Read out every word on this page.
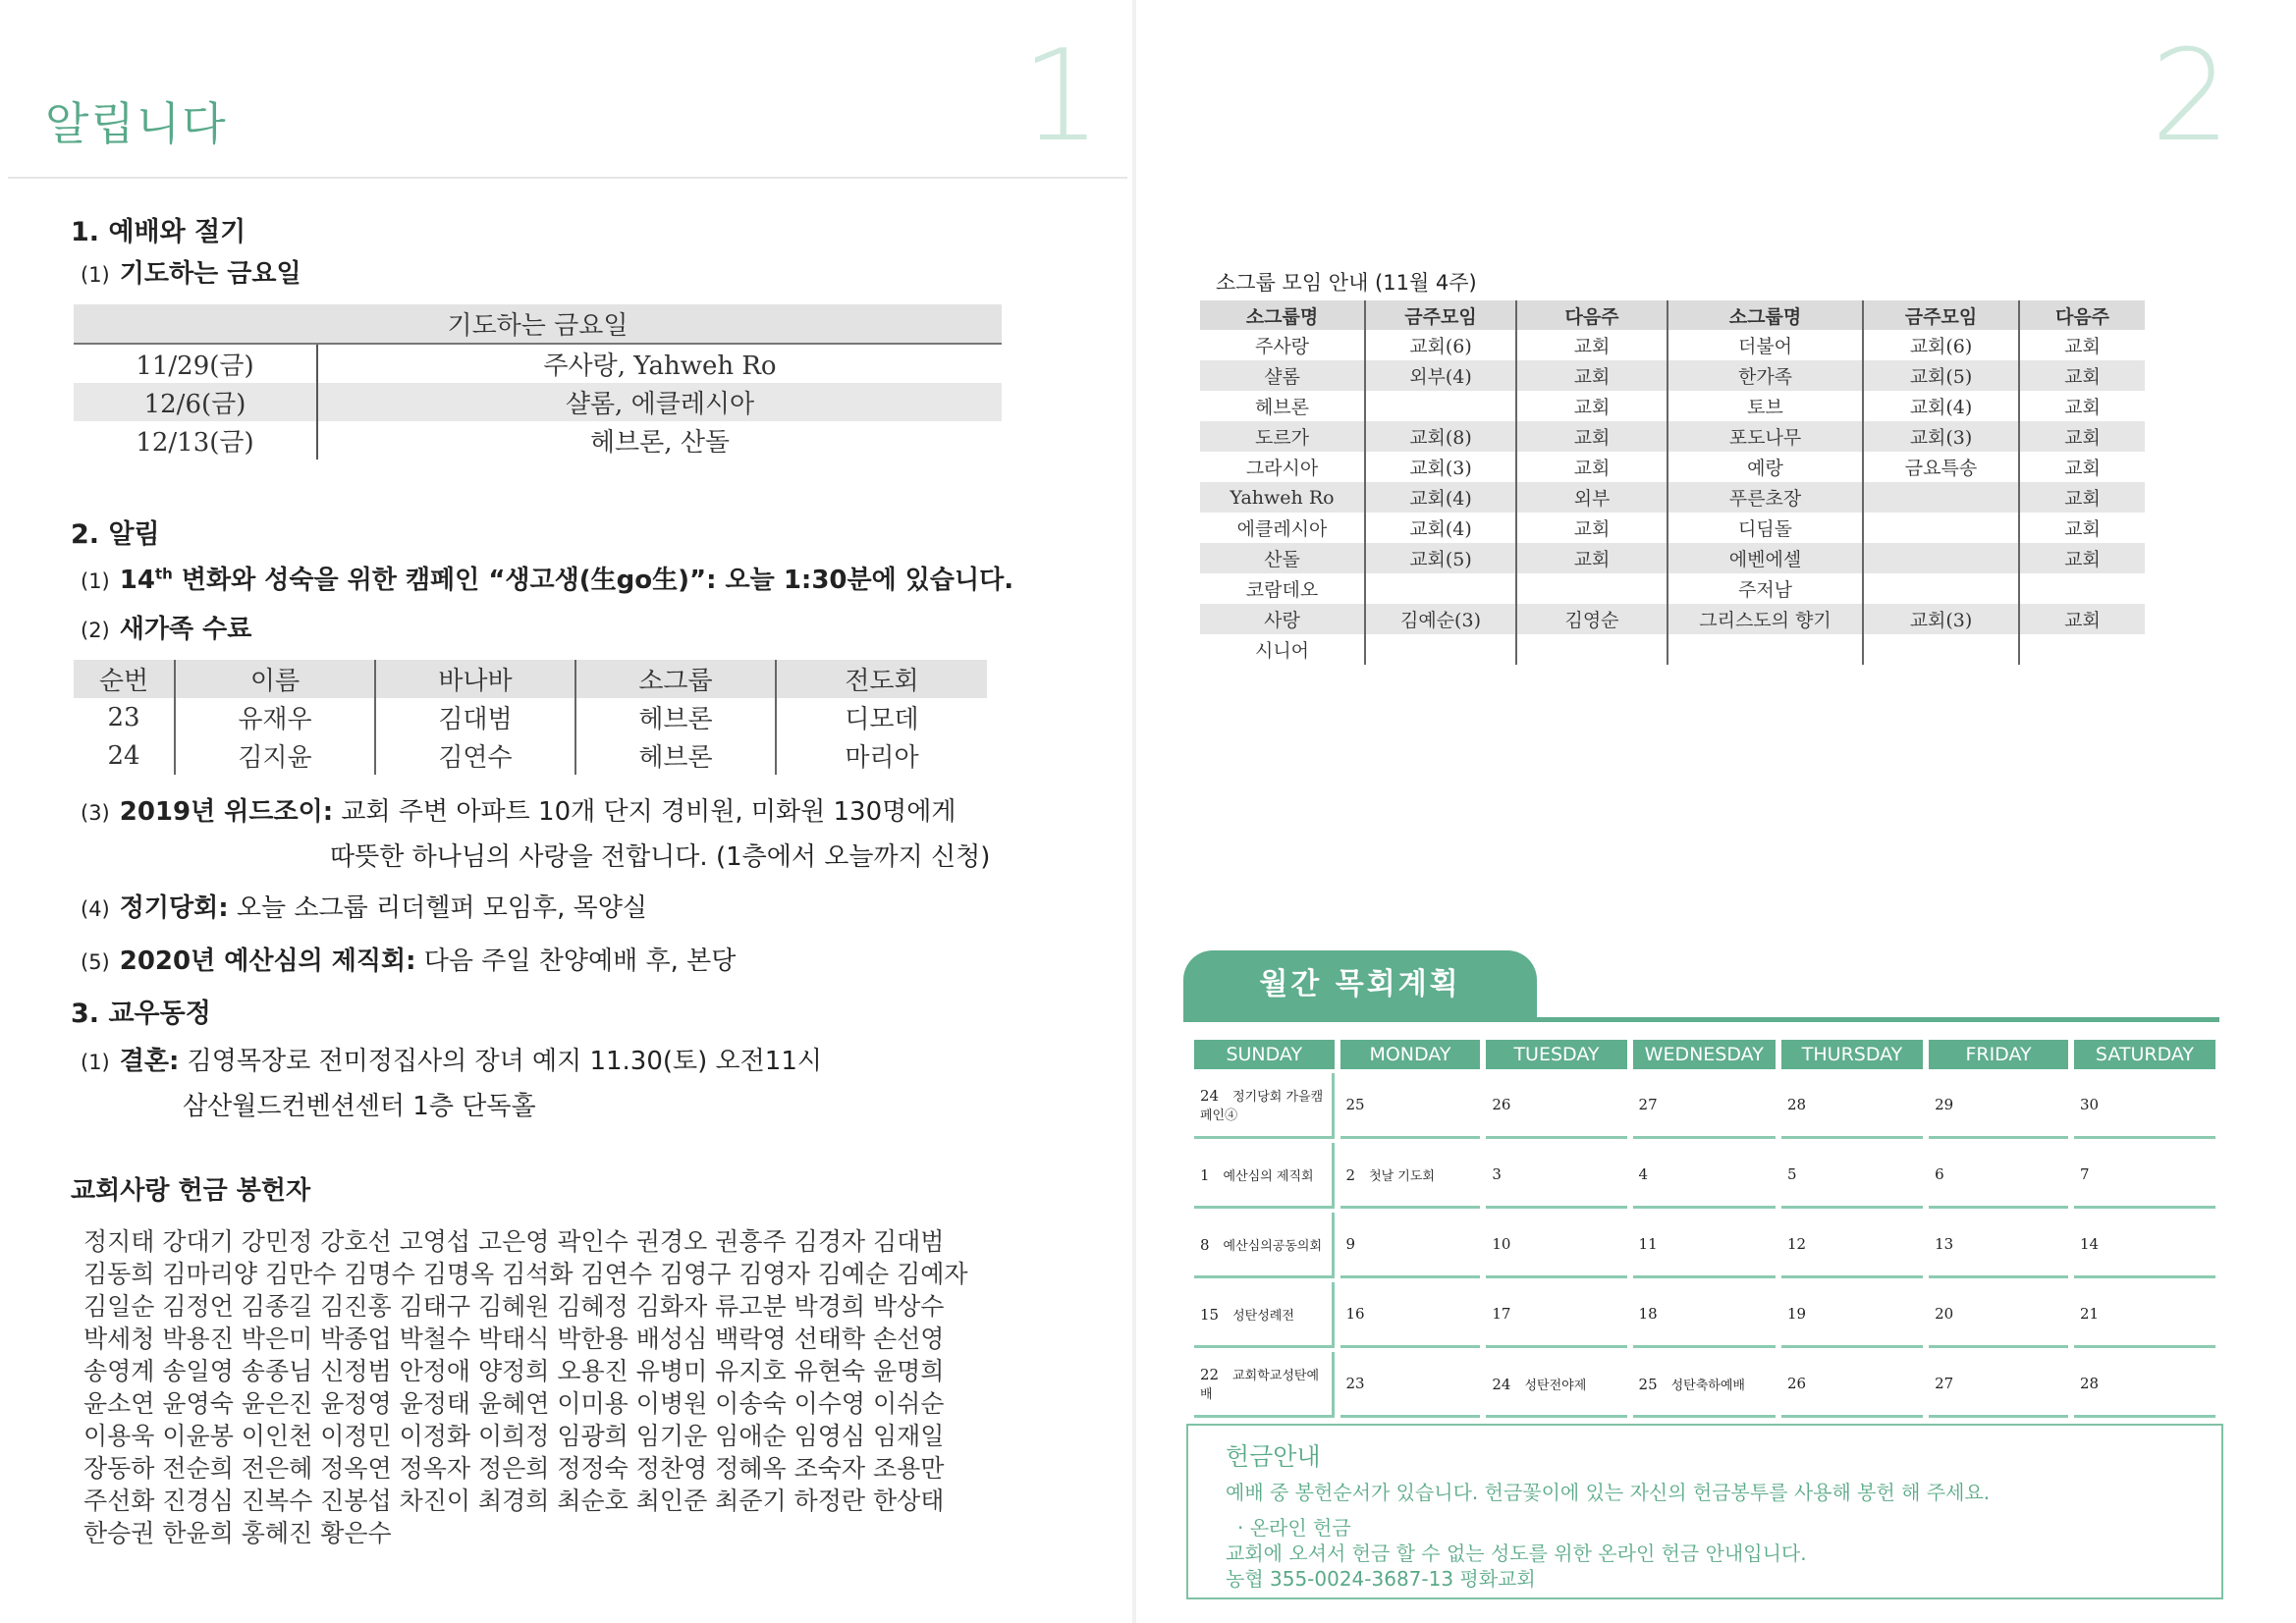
1
알립니다
1. 예배와 절기
(1) 기도하는 금요일
기도하는 금요일	
11/29(금)	주사랑, Yahweh Ro
12/6(금)	샬롬, 에클레시아
12/13(금)	헤브론, 산돌
2. 알림
(1) 14th 변화와 성숙을 위한 캠페인 “생고생(生go生)”: 오늘 1:30분에 있습니다.
(2) 새가족 수료
순번	이름	바나바	소그룹	전도회
23	유재우	김대범	헤브론	디모데
24	김지윤	김연수	헤브론	마리아
(3) 2019년 위드조이: 교회 주변 아파트 10개 단지 경비원, 미화원 130명에게
따뜻한 하나님의 사랑을 전합니다. (1층에서 오늘까지 신청)
(4) 정기당회: 오늘 소그룹 리더헬퍼 모임후, 목양실
(5) 2020년 예산심의 제직회: 다음 주일 찬양예배 후, 본당
3. 교우동정
(1) 결혼: 김영목장로 전미정집사의 장녀 예지 11.30(토) 오전11시
삼산월드컨벤션센터 1층 단독홀
교회사랑 헌금 봉헌자
정지태 강대기 강민정 강호선 고영섭 고은영 곽인수 권경오 권흥주 김경자 김대범
김동희 김마리양 김만수 김명수 김명옥 김석화 김연수 김영구 김영자 김예순 김예자
김일순 김정언 김종길 김진홍 김태구 김혜원 김혜정 김화자 류고분 박경희 박상수
박세청 박용진 박은미 박종업 박철수 박태식 박한용 배성심 백락영 선태학 손선영
송영계 송일영 송종님 신정범 안정애 양정희 오용진 유병미 유지호 유현숙 윤명희
윤소연 윤영숙 윤은진 윤정영 윤정태 윤혜연 이미용 이병원 이송숙 이수영 이쉬순
이용욱 이윤봉 이인천 이정민 이정화 이희정 임광희 임기운 임애순 임영심 임재일
장동하 전순희 전은혜 정옥연 정옥자 정은희 정정숙 정찬영 정혜옥 조숙자 조용만
주선화 진경심 진복수 진봉섭 차진이 최경희 최순호 최인준 최준기 하정란 한상태
한승권 한윤희 홍혜진 황은수
2
소그룹 모임 안내 (11월 4주)
소그룹명	금주모임	다음주	소그룹명	금주모임	다음주
주사랑	교회(6)	교회	더불어	교회(6)	교회
샬롬	외부(4)	교회	한가족	교회(5)	교회
헤브론		교회	토브	교회(4)	교회
도르가	교회(8)	교회	포도나무	교회(3)	교회
그라시아	교회(3)	교회	예랑	금요특송	교회
Yahweh Ro	교회(4)	외부	푸른초장		교회
에클레시아	교회(4)	교회	디딤돌		교회
산돌	교회(5)	교회	에벤에셀		교회
코람데오			주저남		
사랑	김예순(3)	김영순	그리스도의 향기	교회(3)	교회
시니어					
월간 목회계획
SUNDAY	MONDAY	TUESDAY	WEDNESDAY	THURSDAY	FRIDAY	SATURDAY
24 정기당회 가을캠페인④	25	26	27	28	29	30
1 예산심의 제직회	2 첫날 기도회	3	4	5	6	7
8 예산심의공동의회	9	10	11	12	13	14
15 성탄성례전	16	17	18	19	20	21
22 교회학교성탄예배	23	24 성탄전야제	25 성탄축하예배	26	27	28
헌금안내
예배 중 봉헌순서가 있습니다. 헌금꽃이에 있는 자신의 헌금봉투를 사용해 봉헌 해 주세요.
· 온라인 헌금
교회에 오셔서 헌금 할 수 없는 성도를 위한 온라인 헌금 안내입니다.
농협 355-0024-3687-13 평화교회
